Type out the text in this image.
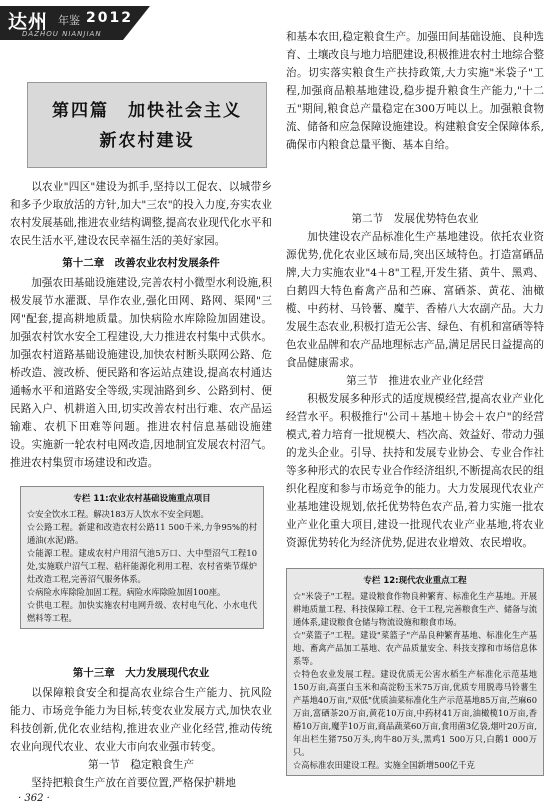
达州 年鉴 2012
DAZHOU NIANJIAN
第四篇　加快社会主义
新农村建设

以农业"四区"建设为抓手,坚持以工促农、以城带乡和多予少取放活的方针,加大"三农"的投入力度,夯实农业农村发展基础,推进农业结构调整,提高农业现代化水平和农民生活水平,建设农民幸福生活的美好家园。

第十二章　改善农业农村发展条件

加强农田基础设施建设,完善农村小微型水利设施,积极发展节水灌溉、旱作农业,强化田网、路网、渠网"三网"配套,提高耕地质量。加快病险水库除险加固建设。加强农村饮水安全工程建设,大力推进农村集中式供水。加强农村道路基础设施建设,加快农村断头联网公路、危桥改造、渡改桥、便民路和客运站点建设,提高农村通达通畅水平和道路安全等级,实现油路到乡、公路到村、便民路入户、机耕道入田,切实改善农村出行难、农产品运输难、农机下田难等问题。推进农村信息基础设施建设。实施新一轮农村电网改造,因地制宜发展农村沼气。推进农村集贸市场建设和改造。

专栏 11:农业农村基础设施重点项目

☆安全饮水工程。解决183万人饮水不安全问题。

☆公路工程。新建和改造农村公路11 500千米,力争95%的村通油(水泥)路。

☆能源工程。建成农村户用沼气池5万口、大中型沼气工程10处,实施联户沼气工程、秸秆能源化利用工程、农村省柴节煤炉灶改造工程,完善沼气服务体系。

☆病险水库除险加固工程。病险水库除险加固100座。

☆供电工程。加快实施农村电网升级、农村电气化、小水电代燃料等工程。

第十三章　大力发展现代农业

以保障粮食安全和提高农业综合生产能力、抗风险能力、市场竞争能力为目标,转变农业发展方式,加快农业科技创新,优化农业结构,推进农业产业化经营,推动传统农业向现代农业、农业大市向农业强市转变。

第一节　稳定粮食生产

坚持把粮食生产放在首要位置,严格保护耕地

和基本农田,稳定粮食生产。加强田间基础设施、良种选育、土壤改良与地力培肥建设,积极推进农村土地综合整治。切实落实粮食生产扶持政策,大力实施"米袋子"工程,加强商品粮基地建设,稳步提升粮食生产能力,"十二五"期间,粮食总产量稳定在300万吨以上。加强粮食物流、储备和应急保障设施建设。构建粮食安全保障体系,确保市内粮食总量平衡、基本自给。

第二节　发展优势特色农业

加快建设农产品标准化生产基地建设。依托农业资源优势,优化农业区域布局,突出区域特色。打造富硒品牌,大力实施农业"4＋8"工程,开发生猪、黄牛、黑鸡、白鹅四大特色畜禽产品和苎麻、富硒茶、黄花、油橄榄、中药材、马铃薯、魔芋、香椿八大农副产品。大力发展生态农业,积极打造无公害、绿色、有机和富硒等特色农业品牌和农产品地理标志产品,满足居民日益提高的食品健康需求。

第三节　推进农业产业化经营

积极发展多种形式的适度规模经营,提高农业产业化经营水平。积极推行"公司＋基地＋协会＋农户"的经营模式,着力培育一批规模大、档次高、效益好、带动力强的龙头企业。引导、扶持和发展专业协会、专业合作社等多种形式的农民专业合作经济组织,不断提高农民的组织化程度和参与市场竞争的能力。大力发展现代农业产业基地建设规划,依托优势特色农产品,着力实施一批农业产业化重大项目,建设一批现代农业产业基地,将农业资源优势转化为经济优势,促进农业增效、农民增收。

专栏 12:现代农业重点工程

☆"米袋子"工程。建设粮食作物良种繁育、标准化生产基地。开展耕地质量工程、科技保障工程、仓干工程,完善粮食生产、储备与流通体系,建设粮食仓储与物流设施和粮食市场。

☆"菜篮子"工程。建设"菜篮子"产品良种繁育基地、标准化生产基地、畜禽产品加工基地、农产品质量安全、科技支撑和市场信息体系等。

☆特色农业发展工程。建设优质无公害水稻生产标准化示范基地150万亩,高蛋白玉米和高淀粉玉米75万亩,优质专用脱毒马铃薯生产基地40万亩,"双低"优质油菜标准化生产示范基地85万亩,苎麻60万亩,富硒茶20万亩,黄花10万亩,中药材41万亩,油橄榄10万亩,香椿10万亩,魔芋10万亩,商品蔬菜60万亩,食用菌3亿袋,烟叶20万亩,年出栏生猪750万头,肉牛80万头,黑鸡1 500万只,白鹅1 000万只。

☆高标准农田建设工程。实施全国新增500亿千克

· 362 ·
